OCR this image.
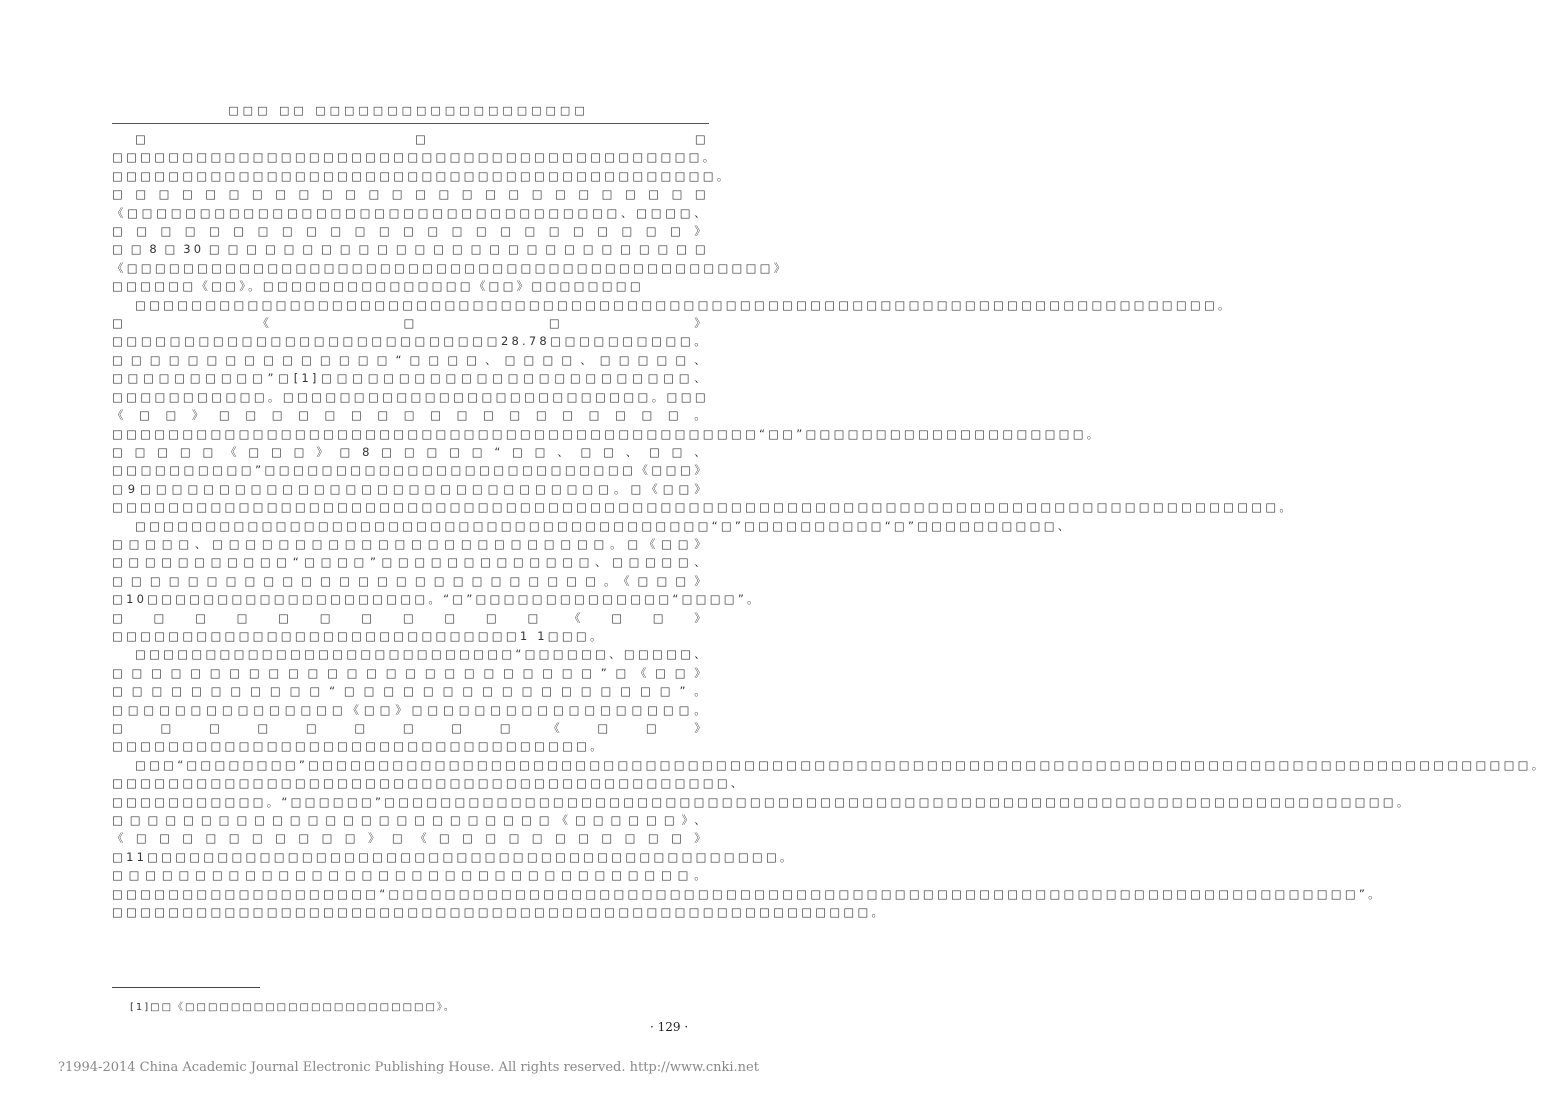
□□□ □□ □□□□□□□□□□□□□□□□□□□

□□□ □□□□□□□□□□□□□□□□□□□□□□□□□□□□□□□□□□□□□□□□□□。□□□□□□□□□□□□□□□□□□□□□□□□□□□□□□□□□□□□□□□□□□□。□□□□□□□□□□□□□□□□□□□□□□□□□□《□□□□□□□□□□□□□□□□□□□□□□□□□□□□□□□□□□、□□□□、□□□□□□□□□□□□□□□□□□□□□□□□》□□8□30□□□□□□□□□□□□□□□□□□□□□□□□□□□《□□□□□□□□□□□□□□□□□□□□□□□□□□□□□□□□□□□□□□□□□□□□□□》□□□□□□《□□》。□□□□□□□□□□□□□□□《□□》□□□□□□□□

□□□□□□□□□□□□□□□□□□□□□□□□□□□□□□□□□□□□□□□□□□□□□□□□□□□□□□□□□□□□□□□□□□□□□□□□□□□□□。□《□□》□□□□□□□□□□□□□□□□□□□□□□□□□□□28.78□□□□□□□□□□。□□□□□□□□□□□□□□□“□□□□、□□□□、□□□□□、□□□□□□□□□□”□[1]□□□□□□□□□□□□□□□□□□□□□□□□、□□□□□□□□□□□。□□□□□□□□□□□□□□□□□□□□□□□□□□。□□□《□□》□□□□□□□□□□□□□□□□□□。□□□□□□□□□□□□□□□□□□□□□□□□□□□□□□□□□□□□□□□□□□□□□□“□□”□□□□□□□□□□□□□□□□□□□□。□□□□□《□□□》□8□□□□□“□□、□□、□□、□□□□□□□□□□”□□□□□□□□□□□□□□□□□□□□□□□□□□《□□□》□9□□□□□□□□□□□□□□□□□□□□□□□□□□□□□□。□《□□》□□□□□□□□□□□□□□□□□□□□□□□□□□□□□□□□□□□□□□□□□□□□□□□□□□□□□□□□□□□□□□□□□□□□□□□□□□□□□□□□□□□。

□□□□□□□□□□□□□□□□□□□□□□□□□□□□□□□□□□□□□□□□□“□”□□□□□□□□□□“□”□□□□□□□□□□、□□□□□、□□□□□□□□□□□□□□□□□□□□□□□□。□《□□》□□□□□□□□□□□“□□□□”□□□□□□□□□□□□□、□□□□□、□□□□□□□□□□□□□□□□□□□□□□□□□□。《□□□》□10□□□□□□□□□□□□□□□□□□□□。“□”□□□□□□□□□□□□□□“□□□□”。□□□□□□□□□□□《□□》□□□□□□□□□□□□□□□□□□□□□□□□□□□□□1 1□□□。

□□□□□□□□□□□□□□□□□□□□□□□□□□□“□□□□□□、□□□□□、□□□□□□□□□□□□□□□□□□□□□□□□□”□《□□》□□□□□□□□□□□“□□□□□□□□□□□□□□□□□”。□□□□□□□□□□□□□□□《□□》□□□□□□□□□□□□□□□□□□。□□□□□□□□□《□□》□□□□□□□□□□□□□□□□□□□□□□□□□□□□□□□□□□。

□□□“□□□□□□□□”□□□□□□□□□□□□□□□□□□□□□□□□□□□□□□□□□□□□□□□□□□□□□□□□□□□□□□□□□□□□□□□□□□□□□□□□□□□□□□□□□□□□□□□。□□□□□□□□□□□□□□□□□□□□□□□□□□□□□□□□□□□□□□□□□□□□、□□□□□□□□□□□。“□□□□□□”□□□□□□□□□□□□□□□□□□□□□□□□□□□□□□□□□□□□□□□□□□□□□□□□□□□□□□□□□□□□□□□□□□□□□□□□。□□□□□□□□□□□□□□□□□□□□□□□□□《□□□□□□》、《□□□□□□□□□□》□《□□□□□□□□□□□》□11□□□□□□□□□□□□□□□□□□□□□□□□□□□□□□□□□□□□□□□□□□□□□。□□□□□□□□□□□□□□□□□□□□□□□□□□□□□□□□□□□。□□□□□□□□□□□□□□□□□□□“□□□□□□□□□□□□□□□□□□□□□□□□□□□□□□□□□□□□□□□□□□□□□□□□□□□□□□□□□□□□□□□□□□□□□”。□□□□□□□□□□□□□□□□□□□□□□□□□□□□□□□□□□□□□□□□□□□□□□□□□□□□□□。

[1]□□《□□□□□□□□□□□□□□□□□□□□□□》。
· 129 ·
?1994-2014 China Academic Journal Electronic Publishing House. All rights reserved. http://www.cnki.net
